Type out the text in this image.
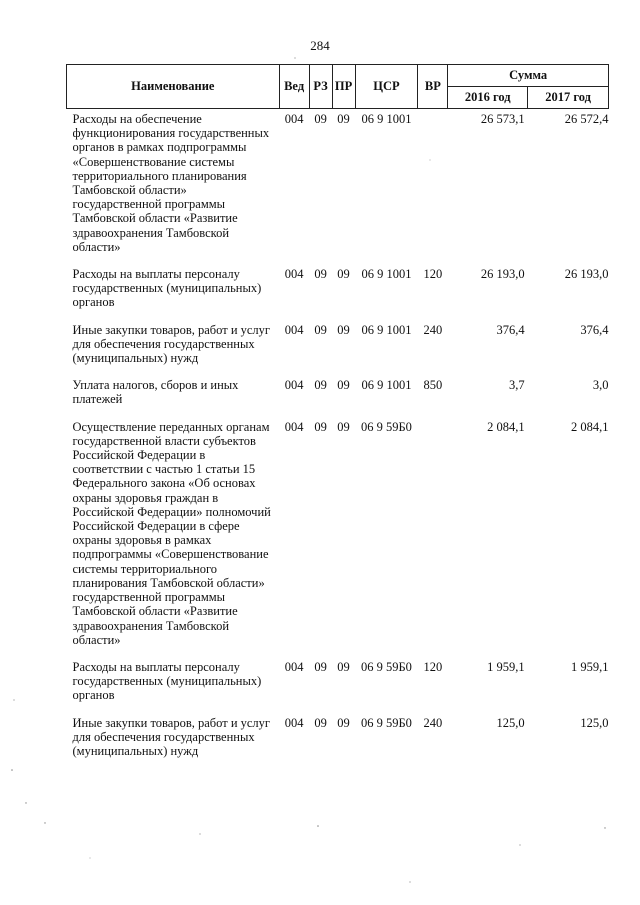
284
Наименование	Вед	РЗ	ПР	ЦСР	ВР	Сумма	
						2016 год	2017 год
Расходы на обеспечение функционирования государственных органов в рамках подпрограммы «Совершенствование системы территориального планирования Тамбовской области» государственной программы Тамбовской области «Развитие здравоохранения Тамбовской области»	004	09	09	06 9 1001		26 573,1	26 572,4
Расходы на выплаты персоналу государственных (муниципальных) органов	004	09	09	06 9 1001	120	26 193,0	26 193,0
Иные закупки товаров, работ и услуг для обеспечения государственных (муниципальных) нужд	004	09	09	06 9 1001	240	376,4	376,4
Уплата налогов, сборов и иных платежей	004	09	09	06 9 1001	850	3,7	3,0
Осуществление переданных органам государственной власти субъектов Российской Федерации в соответствии с частью 1 статьи 15 Федерального закона «Об основах охраны здоровья граждан в Российской Федерации» полномочий Российской Федерации в сфере охраны здоровья в рамках подпрограммы «Совершенствование системы территориального планирования Тамбовской области» государственной программы Тамбовской области «Развитие здравоохранения Тамбовской области»	004	09	09	06 9 59Б0		2 084,1	2 084,1
Расходы на выплаты персоналу государственных (муниципальных) органов	004	09	09	06 9 59Б0	120	1 959,1	1 959,1
Иные закупки товаров, работ и услуг для обеспечения государственных (муниципальных) нужд	004	09	09	06 9 59Б0	240	125,0	125,0
